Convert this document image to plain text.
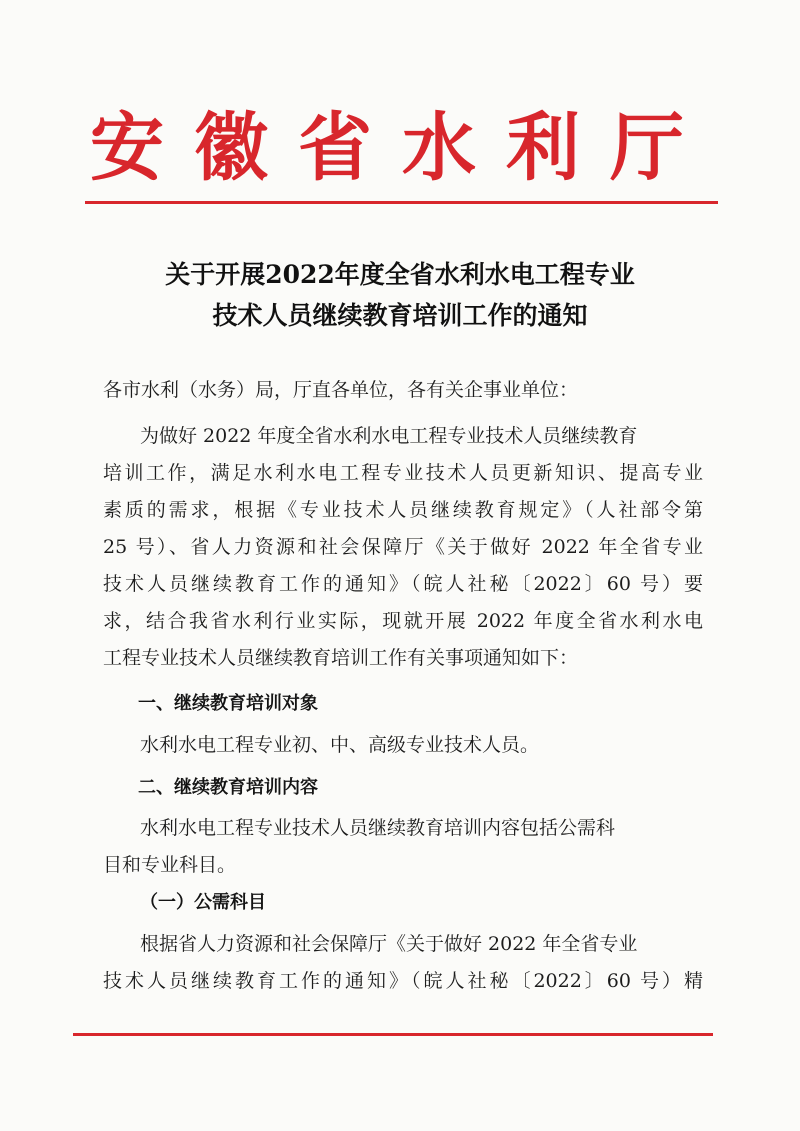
安徽省水利厅
关于开展2022年度全省水利水电工程专业
技术人员继续教育培训工作的通知
各市水利（水务）局，厅直各单位，各有关企事业单位：
为做好 2022 年度全省水利水电工程专业技术人员继续教育
培训工作，满足水利水电工程专业技术人员更新知识、提高专业
素质的需求，根据《专业技术人员继续教育规定》（人社部令第
25 号）、省人力资源和社会保障厅《关于做好 2022 年全省专业
技术人员继续教育工作的通知》（皖人社秘〔2022〕60 号）要
求，结合我省水利行业实际，现就开展 2022 年度全省水利水电
工程专业技术人员继续教育培训工作有关事项通知如下：
一、继续教育培训对象
水利水电工程专业初、中、高级专业技术人员。
二、继续教育培训内容
水利水电工程专业技术人员继续教育培训内容包括公需科
目和专业科目。
（一）公需科目
根据省人力资源和社会保障厅《关于做好 2022 年全省专业
技术人员继续教育工作的通知》（皖人社秘〔2022〕60 号）精
